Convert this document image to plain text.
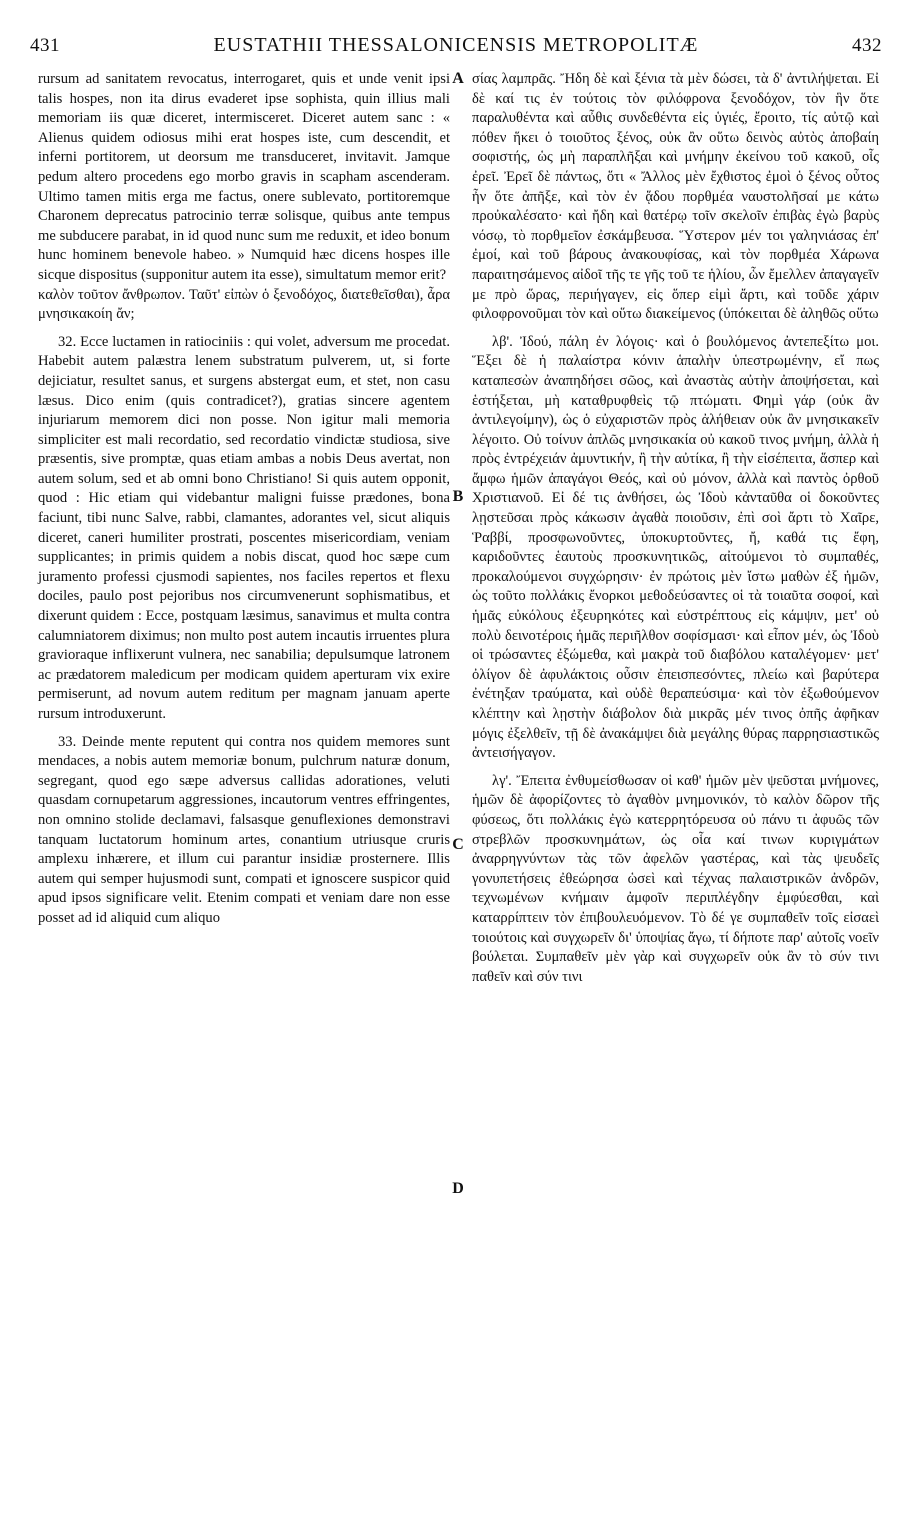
431	EUSTATHII THESSALONICENSIS METROPOLITÆ	432

rursum ad sanitatem revocatus, interrogaret, quis et unde venit ipsi talis hospes, non ita dirus evaderet ipse sophista, quin illius mali memoriam iis quæ diceret, intermisceret. Diceret autem sanc : « Alienus quidem odiosus mihi erat hospes iste, cum descendit, et inferni portitorem, ut deorsum me transduceret, invitavit. Jamque pedum altero procedens ego morbo gravis in scapham ascenderam. Ultimo tamen mitis erga me factus, onere sublevato, portitoremque Charonem deprecatus patrocinio terræ solisque, quibus ante tempus me subducere parabat, in id quod nunc sum me reduxit, et ideo bonum hunc hominem benevole habeo. » Numquid hæc dicens hospes ille sicque dispositus (supponitur autem ita esse), simultatum memor erit?

καλὸν τοῦτον ἄνθρωπον. Ταῦτ' εἰπὼν ὁ ξενοδόχος, διατεθεῖσθαι), ἆρα μνησικακοίη ἄν;

32. Ecce luctamen in ratiociniis : qui volet, adversum me procedat. Habebit autem palæstra lenem substratum pulverem, ut, si forte dejiciatur, resultet sanus, et surgens abstergat eum, et stet, non casu læsus. Dico enim (quis contradicet?), gratias sincere agentem injuriarum memorem dici non posse. Non igitur mali memoria simpliciter est mali recordatio, sed recordatio vindictæ studiosa, sive præsentis, sive promptæ, quas etiam ambas a nobis Deus avertat, non autem solum, sed et ab omni bono Christiano! Si quis autem opponit, quod : Hic etiam qui videbantur maligni fuisse prædones, bona faciunt, tibi nunc Salve, rabbi, clamantes, adorantes vel, sicut aliquis diceret, caneri humiliter prostrati, poscentes misericordiam, veniam supplicantes; in primis quidem a nobis discat, quod hoc sæpe cum juramento professi cjusmodi sapientes, nos faciles repertos et flexu dociles, paulo post pejoribus nos circumvenerunt sophismatibus, et dixerunt quidem : Ecce, postquam læsimus, sanavimus et multa contra calumniatorem diximus; non multo post autem incautis irruentes plura gravioraque inflixerunt vulnera, nec sanabilia; depulsumque latronem ac prædatorem maledicum per modicam quidem aperturam vix exire permiserunt, ad novum autem reditum per magnam januam aperte rursum introduxerunt.

33. Deinde mente reputent qui contra nos quidem memores sunt mendaces, a nobis autem memoriæ bonum, pulchrum naturæ donum, segregant, quod ego sæpe adversus callidas adorationes, veluti quasdam cornupetarum aggressiones, incautorum ventres effringentes, non omnino stolide declamavi, falsasque genuflexiones demonstravi tanquam luctatorum hominum artes, conantium utriusque cruris amplexu inhærere, et illum cui parantur insidiæ prosternere. Illis autem qui semper hujusmodi sunt, compati et ignoscere suspicor quid apud ipsos significare velit. Etenim compati et veniam dare non esse posset ad id aliquid cum aliquo

A
B
C
D

σίας λαμπρᾶς. Ἤδη δὲ καὶ ξένια τὰ μὲν δώσει, τὰ δ' ἀντιλήψεται. Εἰ δὲ καί τις ἐν τούτοις τὸν φιλόφρονα ξενοδόχον, τὸν ἣν ὅτε παραλυθέντα καὶ αὖθις συνδεθέντα εἰς ὑγιές, ἔροιτο, τίς αὐτῷ καὶ πόθεν ἥκει ὁ τοιοῦτος ξένος, οὐκ ἂν οὕτω δεινὸς αὐτὸς ἀποβαίη σοφιστής, ὡς μὴ παραπλῆξαι καὶ μνήμην ἐκείνου τοῦ κακοῦ, οἷς ἐρεῖ. Ἐρεῖ δὲ πάντως, ὅτι « Ἄλλος μὲν ἔχθιστος ἐμοὶ ὁ ξένος οὗτος ἦν ὅτε ἀπῆξε, καὶ τὸν ἐν ᾅδου πορθμέα ναυστολῆσαί με κάτω προὐκαλέσατο· καὶ ἤδη καὶ θατέρῳ τοῖν σκελοῖν ἐπιβὰς ἐγὼ βαρὺς νόσῳ, τὸ πορθμεῖον ἐσκάμβευσα. Ὕστερον μέν τοι γαληνιάσας ἐπ' ἐμοί, καὶ τοῦ βάρους ἀνακουφίσας, καὶ τὸν πορθμέα Χάρωνα παραιτησάμενος αἰδοῖ τῆς τε γῆς τοῦ τε ἡλίου, ὧν ἔμελλεν ἀπαγαγεῖν με πρὸ ὥρας, περιήγαγεν, εἰς ὅπερ εἰμὶ ἄρτι, καὶ τοῦδε χάριν φιλοφρονοῦμαι τὸν καὶ οὕτω διακείμενος (ὑπόκειται δὲ ἀληθῶς οὕτω

λβ'. Ἰδού, πάλη ἐν λόγοις· καὶ ὁ βουλόμενος ἀντεπεξίτω μοι. Ἕξει δὲ ἡ παλαίστρα κόνιν ἁπαλὴν ὑπεστρωμένην, εἴ πως καταπεσὼν ἀναπηδήσει σῶος, καὶ ἀναστὰς αὐτὴν ἀποψήσεται, καὶ ἑστήξεται, μὴ καταθρυφθεὶς τῷ πτώματι. Φημὶ γάρ (οὐκ ἂν ἀντιλεγοίμην), ὡς ὁ εὐχαριστῶν πρὸς ἀλήθειαν οὐκ ἂν μνησικακεῖν λέγοιτο. Οὐ τοίνυν ἁπλῶς μνησικακία οὐ κακοῦ τινος μνήμη, ἀλλὰ ἡ πρὸς ἐντρέχειάν ἀμυντικήν, ἢ τὴν αὐτίκα, ἢ τὴν εἰσέπειτα, ἅσπερ καὶ ἄμφω ἡμῶν ἀπαγάγοι Θεός, καὶ οὐ μόνον, ἀλλὰ καὶ παντὸς ὀρθοῦ Χριστιανοῦ. Εἰ δέ τις ἀνθήσει, ὡς Ἰδοὺ κἀνταῦθα οἱ δοκοῦντες λῃστεῦσαι πρὸς κάκωσιν ἀγαθὰ ποιοῦσιν, ἐπὶ σοὶ ἄρτι τὸ Χαῖρε, Ῥαββί, προσφωνοῦντες, ὑποκυρτοῦντες, ἤ, καθά τις ἔφη, καριδοῦντες ἑαυτοὺς προσκυνητικῶς, αἰτούμενοι τὸ συμπαθές, προκαλούμενοι συγχώρησιν· ἐν πρώτοις μὲν ἴστω μαθὼν ἐξ ἡμῶν, ὡς τοῦτο πολλάκις ἔνορκοι μεθοδεύσαντες οἱ τὰ τοιαῦτα σοφοί, καὶ ἡμᾶς εὐκόλους ἐξευρηκότες καὶ εὐστρέπτους εἰς κάμψιν, μετ' οὐ πολὺ δεινοτέροις ἡμᾶς περιῆλθον σοφίσμασι· καὶ εἶπον μέν, ὡς Ἰδοὺ οἱ τρώσαντες ἐξώμεθα, καὶ μακρὰ τοῦ διαβόλου καταλέγομεν· μετ' ὀλίγον δὲ ἀφυλάκτοις οὖσιν ἐπεισπεσόντες, πλείω καὶ βαρύτερα ἐνέτηξαν τραύματα, καὶ οὐδὲ θεραπεύσιμα· καὶ τὸν ἐξωθούμενον κλέπτην καὶ λῃστὴν διάβολον διὰ μικρᾶς μέν τινος ὀπῆς ἀφῆκαν μόγις ἐξελθεῖν, τῇ δὲ ἀνακάμψει διὰ μεγάλης θύρας παρρησιαστικῶς ἀντεισήγαγον.

λγ'. Ἔπειτα ἐνθυμείσθωσαν οἱ καθ' ἡμῶν μὲν ψεῦσται μνήμονες, ἡμῶν δὲ ἀφορίζοντες τὸ ἀγαθὸν μνημονικόν, τὸ καλὸν δῶρον τῆς φύσεως, ὅτι πολλάκις ἐγὼ κατερρητόρευσα οὐ πάνυ τι ἀφυῶς τῶν στρεβλῶν προσκυνημάτων, ὡς οἷα καί τινων κυριγμάτων ἀναρρηγνύντων τὰς τῶν ἀφελῶν γαστέρας, καὶ τὰς ψευδεῖς γονυπετήσεις ἐθεώρησα ὡσεὶ καὶ τέχνας παλαιστρικῶν ἀνδρῶν, τεχνωμένων κνήμαιν ἀμφοῖν περιπλέγδην ἐμφύεσθαι, καὶ καταρρίπτειν τὸν ἐπιβουλευόμενον. Τὸ δέ γε συμπαθεῖν τοῖς εἰσαεὶ τοιούτοις καὶ συγχωρεῖν δι' ὑποψίας ἄγω, τί δήποτε παρ' αὐτοῖς νοεῖν βούλεται. Συμπαθεῖν μὲν γὰρ καὶ συγχωρεῖν οὐκ ἂν τὸ σύν τινι παθεῖν καὶ σύν τινι
